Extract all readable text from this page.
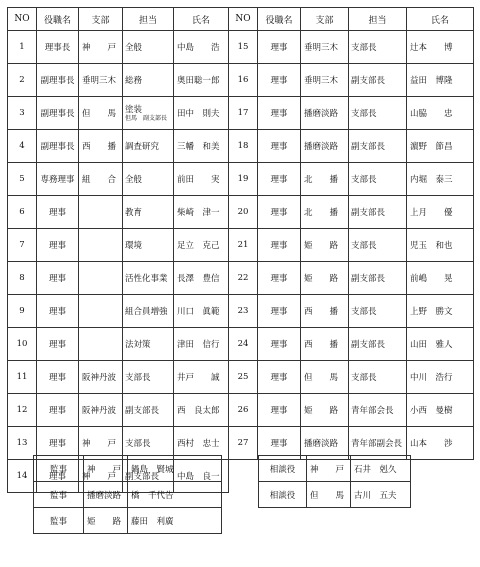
NO	役職名	支部	担当	氏名	NO	役職名	支部	担当	氏名
1	理事長	神　　戸	全般	中島　　浩	15	理事	垂明三木	支部長	辻本　　博
2	副理事長	垂明三木	総務	奥田聡一郎	16	理事	垂明三木	副支部長	益田　博隆
3	副理事長	但　　馬	塗装
但馬　副支部長	田中　則夫	17	理事	播磨淡路	支部長	山脇　　忠
4	副理事長	西　　播	調査研究	三幡　和美	18	理事	播磨淡路	副支部長	濵野　節昌
5	専務理事	組　　合	全般	前田　　実	19	理事	北　　播	支部長	内堀　泰三
6	理事		教育	柴崎　津一	20	理事	北　　播	副支部長	上月　　優
7	理事		環境	足立　克己	21	理事	姫　　路	支部長	児玉　和也
8	理事		活性化事業	長澤　豊信	22	理事	姫　　路	副支部長	前嶋　　晃
9	理事		組合員増強	川口　眞範	23	理事	西　　播	支部長	上野　勝文
10	理事		法対策	津田　信行	24	理事	西　　播	副支部長	山田　雅人
11	理事	阪神丹波	支部長	井戸　　誠	25	理事	但　　馬	支部長	中川　浩行
12	理事	阪神丹波	副支部長	西　良太郎	26	理事	姫　　路	青年部会長	小西　曼樹
13	理事	神　　戸	支部長	西村　忠士	27	理事	播磨淡路	青年部副会長	山本　　渉
14	理事	神　　戸	副支部長	中島　良一					
監事	神　　戸	鍋島　賢城
監事	播磨淡路	橋　千代告
監事	姫　　路	藤田　利廣
相談役	神　　戸	石井　剋久
相談役	但　　馬	古川　五夫
